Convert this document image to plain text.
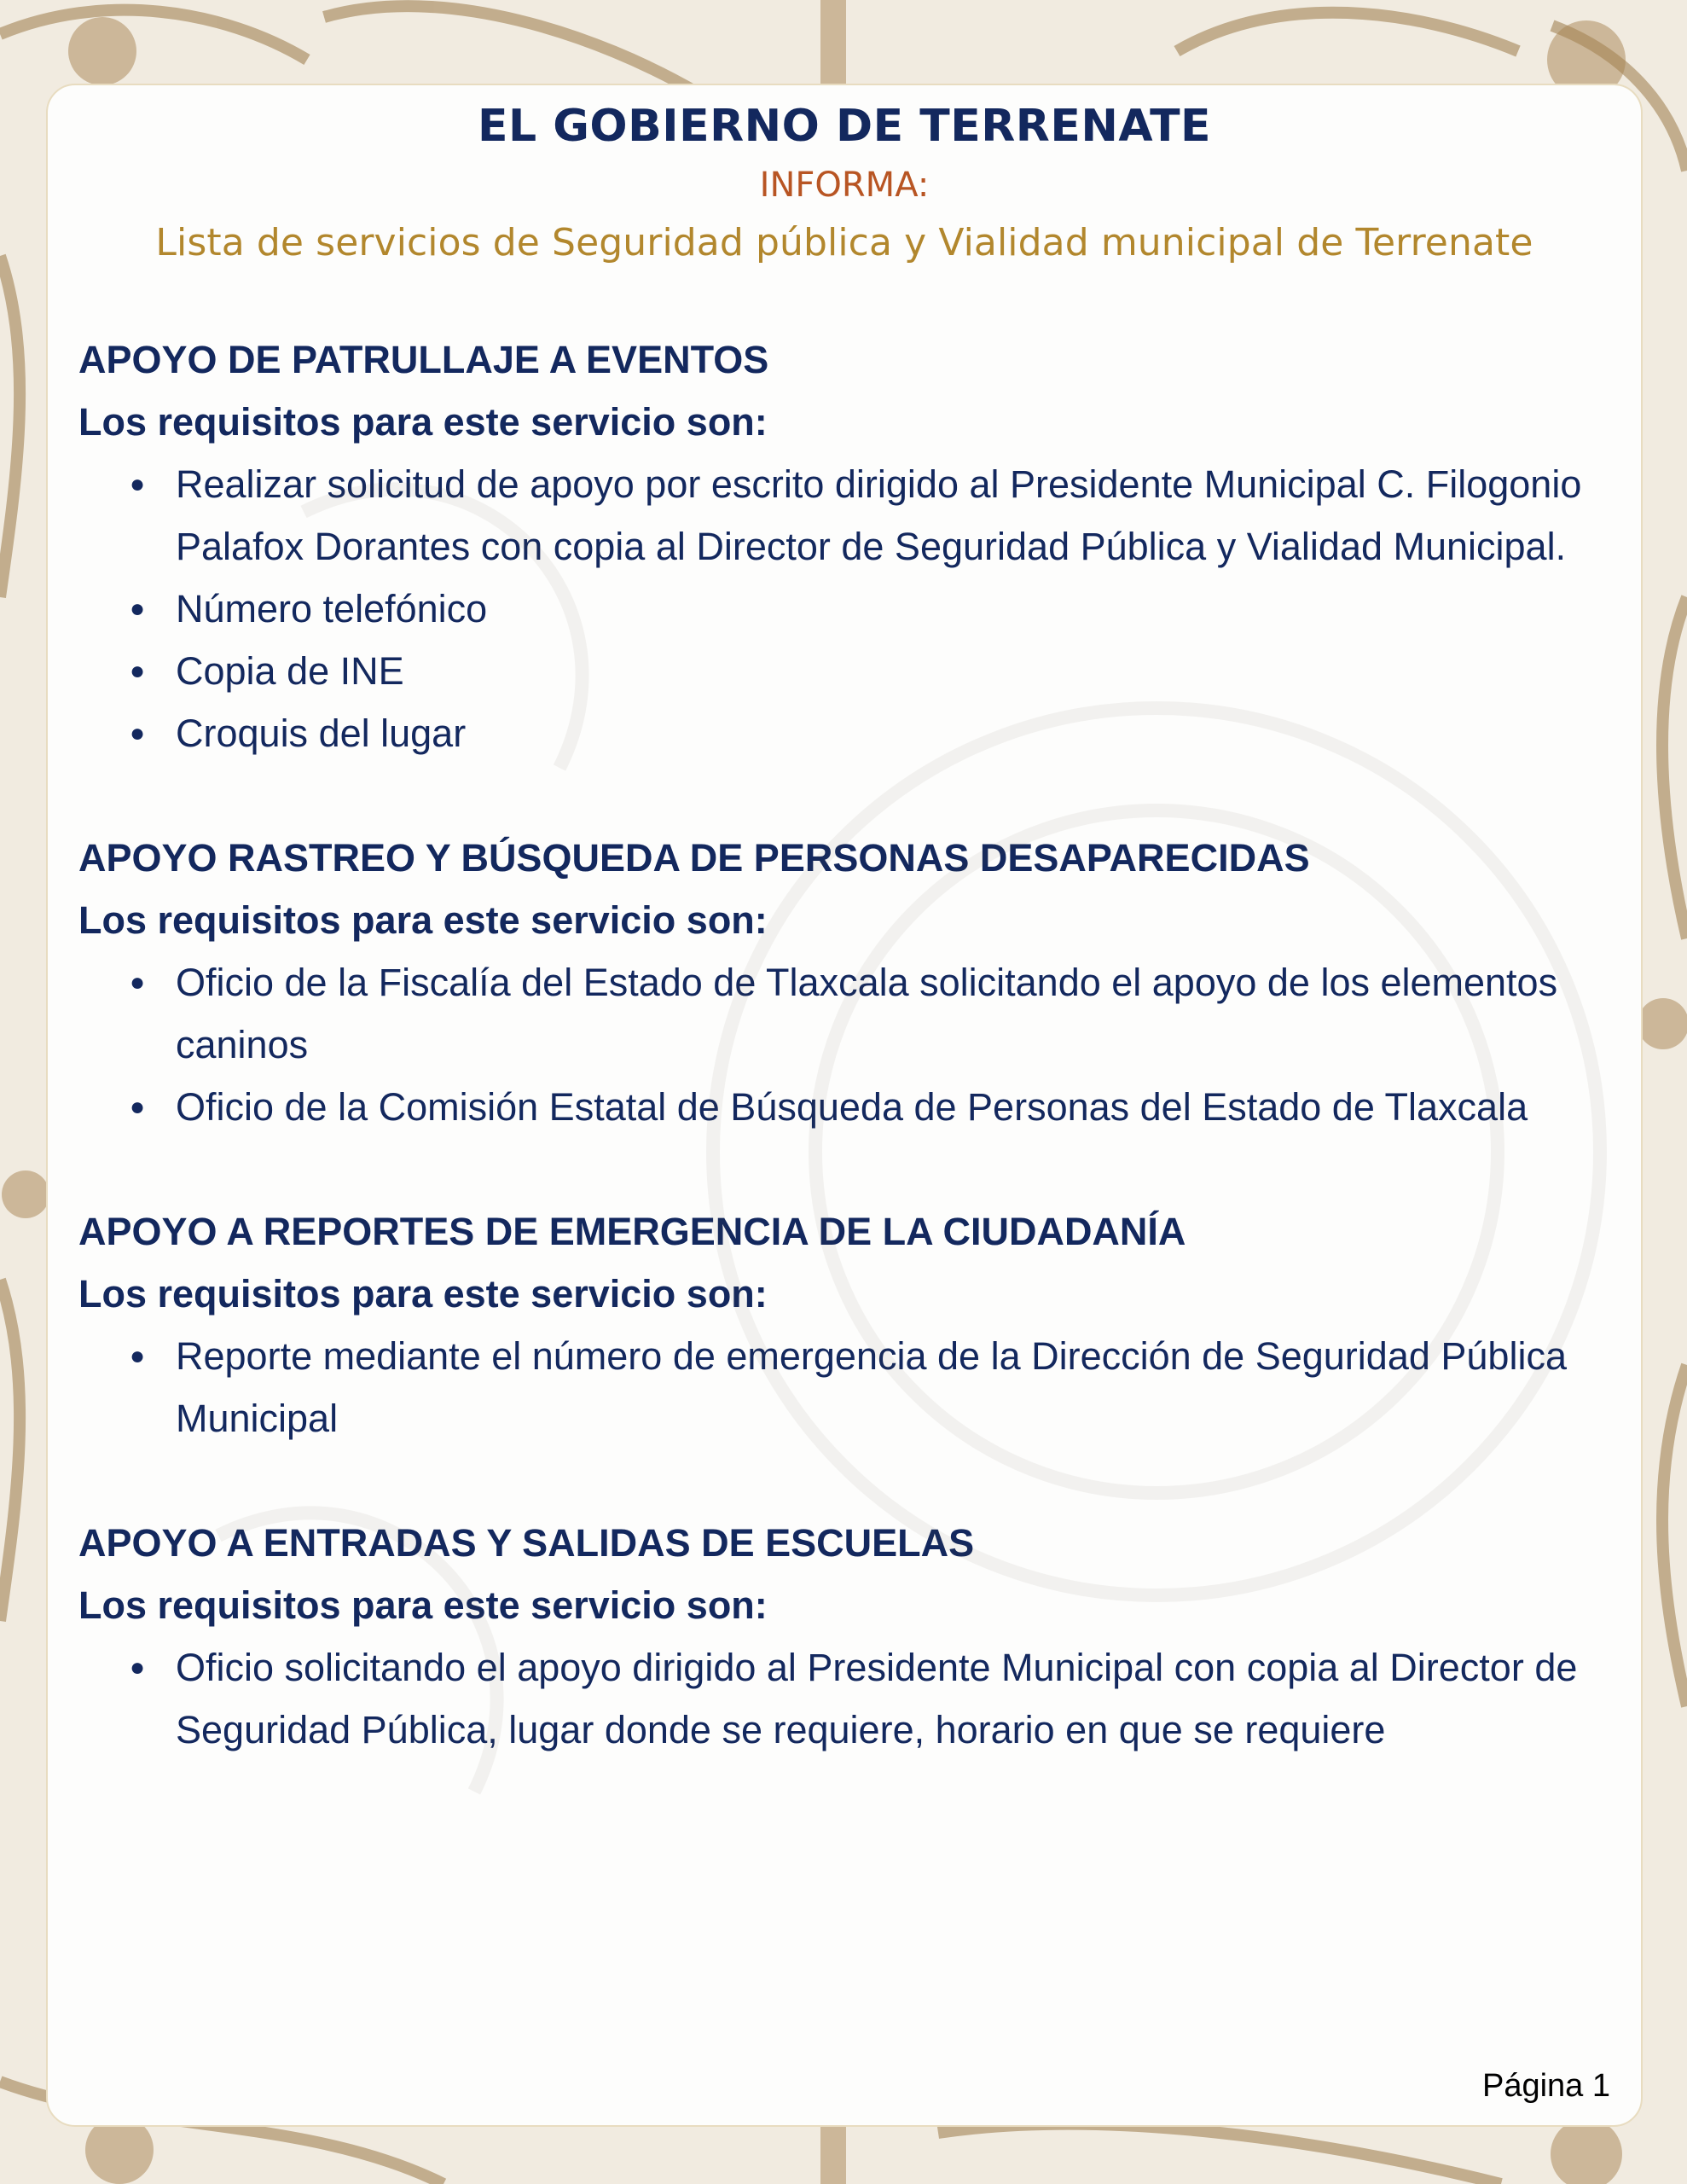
EL GOBIERNO DE TERRENATE

INFORMA:

Lista de servicios de Seguridad pública y Vialidad municipal de Terrenate

APOYO DE PATRULLAJE A EVENTOS

Los requisitos para este servicio son:

● Realizar solicitud de apoyo por escrito dirigido al Presidente Municipal C. Filogonio Palafox Dorantes con copia al Director de Seguridad Pública y Vialidad Municipal.
● Número telefónico
● Copia de INE
● Croquis del lugar

APOYO RASTREO Y BÚSQUEDA DE PERSONAS DESAPARECIDAS

Los requisitos para este servicio son:

● Oficio de la Fiscalía del Estado de Tlaxcala solicitando el apoyo de los elementos caninos
● Oficio de la Comisión Estatal de Búsqueda de Personas del Estado de Tlaxcala

APOYO A REPORTES DE EMERGENCIA DE LA CIUDADANÍA

Los requisitos para este servicio son:

● Reporte mediante el número de emergencia de la Dirección de Seguridad Pública Municipal

APOYO A ENTRADAS Y SALIDAS DE ESCUELAS

Los requisitos para este servicio son:

● Oficio solicitando el apoyo dirigido al Presidente Municipal con copia al Director de Seguridad Pública, lugar donde se requiere, horario en que se requiere
Página 1
